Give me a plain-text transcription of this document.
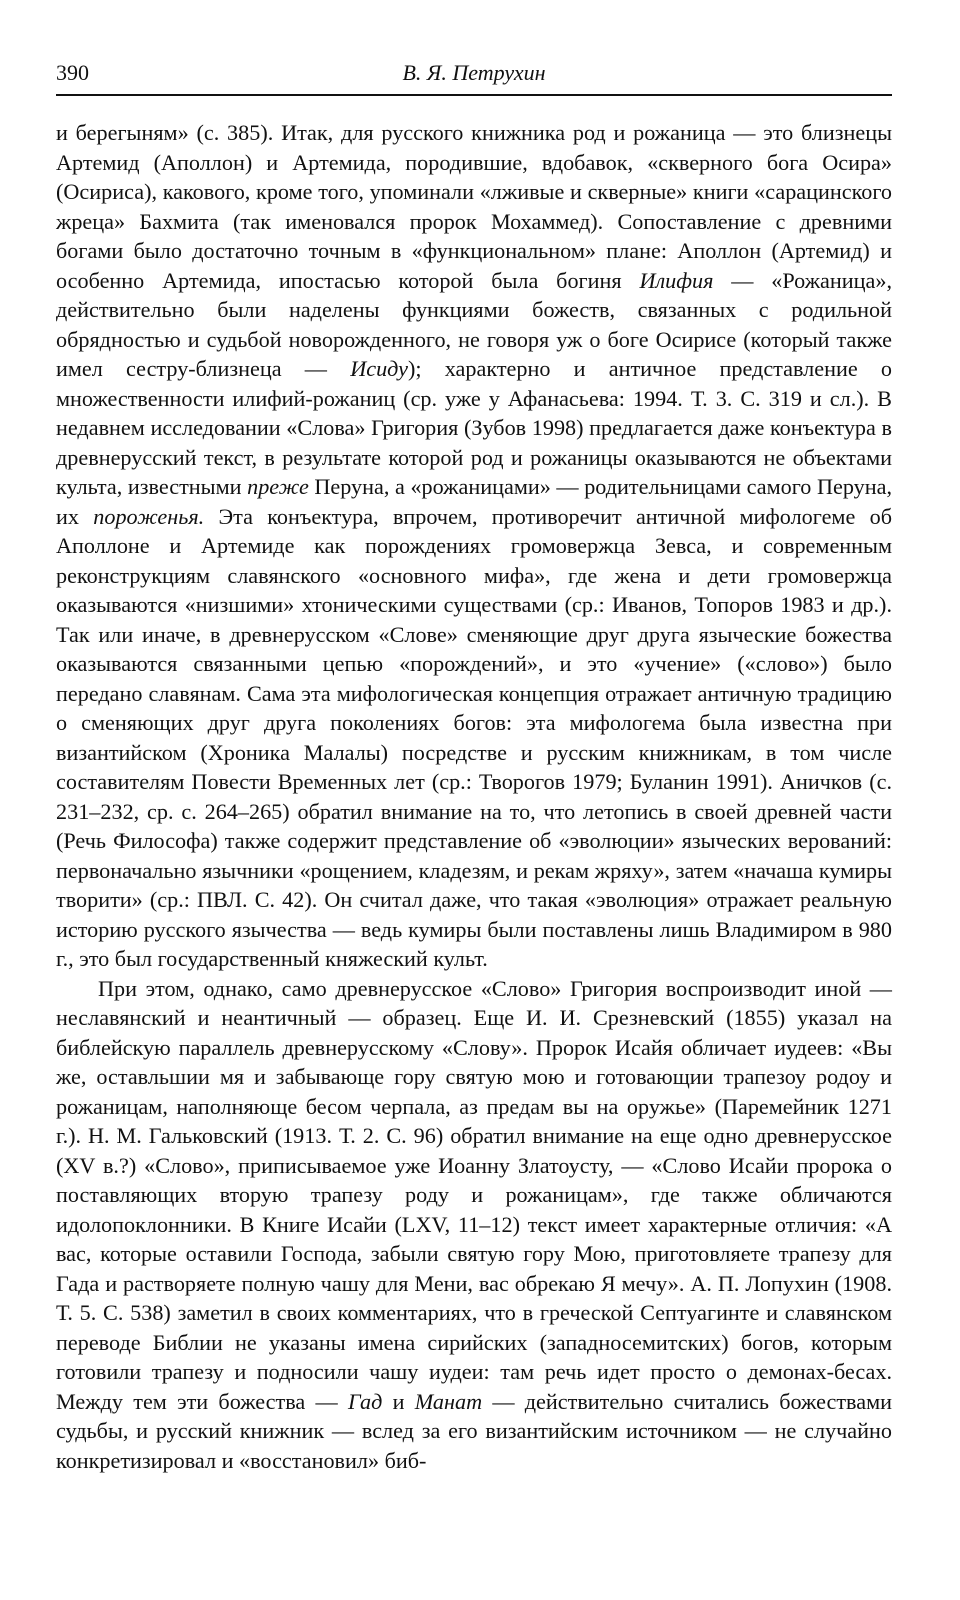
390	В. Я. Петрухин

и берегыням» (с. 385). Итак, для русского книжника род и рожаница — это близнецы Артемид (Аполлон) и Артемида, породившие, вдобавок, «скверного бога Осира» (Осириса), какового, кроме того, упоминали «лживые и скверные» книги «сарацинского жреца» Бахмита (так именовался пророк Мохаммед). Сопоставление с древними богами было достаточно точным в «функциональном» плане: Аполлон (Артемид) и особенно Артемида, ипостасью которой была богиня Илифия — «Рожаница», действительно были наделены функциями божеств, связанных с родильной обрядностью и судьбой новорожденного, не говоря уж о боге Осирисе (который также имел сестру-близнеца — Исиду); характерно и античное представление о множественности илифий-рожаниц (ср. уже у Афанасьева: 1994. Т. 3. С. 319 и сл.). В недавнем исследовании «Слова» Григория (Зубов 1998) предлагается даже конъектура в древнерусский текст, в результате которой род и рожаницы оказываются не объектами культа, известными преже Перуна, а «рожаницами» — родительницами самого Перуна, их пороженья. Эта конъектура, впрочем, противоречит античной мифологеме об Аполлоне и Артемиде как порождениях громовержца Зевса, и современным реконструкциям славянского «основного мифа», где жена и дети громовержца оказываются «низшими» хтоническими существами (ср.: Иванов, Топоров 1983 и др.). Так или иначе, в древнерусском «Слове» сменяющие друг друга языческие божества оказываются связанными цепью «порождений», и это «учение» («слово») было передано славянам. Сама эта мифологическая концепция отражает античную традицию о сменяющих друг друга поколениях богов: эта мифологема была известна при византийском (Хроника Малалы) посредстве и русским книжникам, в том числе составителям Повести Временных лет (ср.: Творогов 1979; Буланин 1991). Аничков (с. 231–232, ср. с. 264–265) обратил внимание на то, что летопись в своей древней части (Речь Философа) также содержит представление об «эволюции» языческих верований: первоначально язычники «рощением, кладезям, и рекам жряху», затем «начаша кумиры творити» (ср.: ПВЛ. С. 42). Он считал даже, что такая «эволюция» отражает реальную историю русского язычества — ведь кумиры были поставлены лишь Владимиром в 980 г., это был государственный княжеский культ.

При этом, однако, само древнерусское «Слово» Григория воспроизводит иной — неславянский и неантичный — образец. Еще И. И. Срезневский (1855) указал на библейскую параллель древнерусскому «Слову». Пророк Исайя обличает иудеев: «Вы же, оставльшии мя и забывающе гору святую мою и готовающии трапезоу родоу и рожаницам, наполняюще бесом черпала, аз предам вы на оружье» (Паремейник 1271 г.). Н. М. Гальковский (1913. Т. 2. С. 96) обратил внимание на еще одно древнерусское (XV в.?) «Слово», приписываемое уже Иоанну Златоусту, — «Слово Исайи пророка о поставляющих вторую трапезу роду и рожаницам», где также обличаются идолопоклонники. В Книге Исайи (LXV, 11–12) текст имеет характерные отличия: «А вас, которые оставили Господа, забыли святую гору Мою, приготовляете трапезу для Гада и растворяете полную чашу для Мени, вас обрекаю Я мечу». А. П. Лопухин (1908. Т. 5. С. 538) заметил в своих комментариях, что в греческой Септуагинте и славянском переводе Библии не указаны имена сирийских (западносемитских) богов, которым готовили трапезу и подносили чашу иудеи: там речь идет просто о демонах-бесах. Между тем эти божества — Гад и Манат — действительно считались божествами судьбы, и русский книжник — вслед за его византийским источником — не случайно конкретизировал и «восстановил» биб-
